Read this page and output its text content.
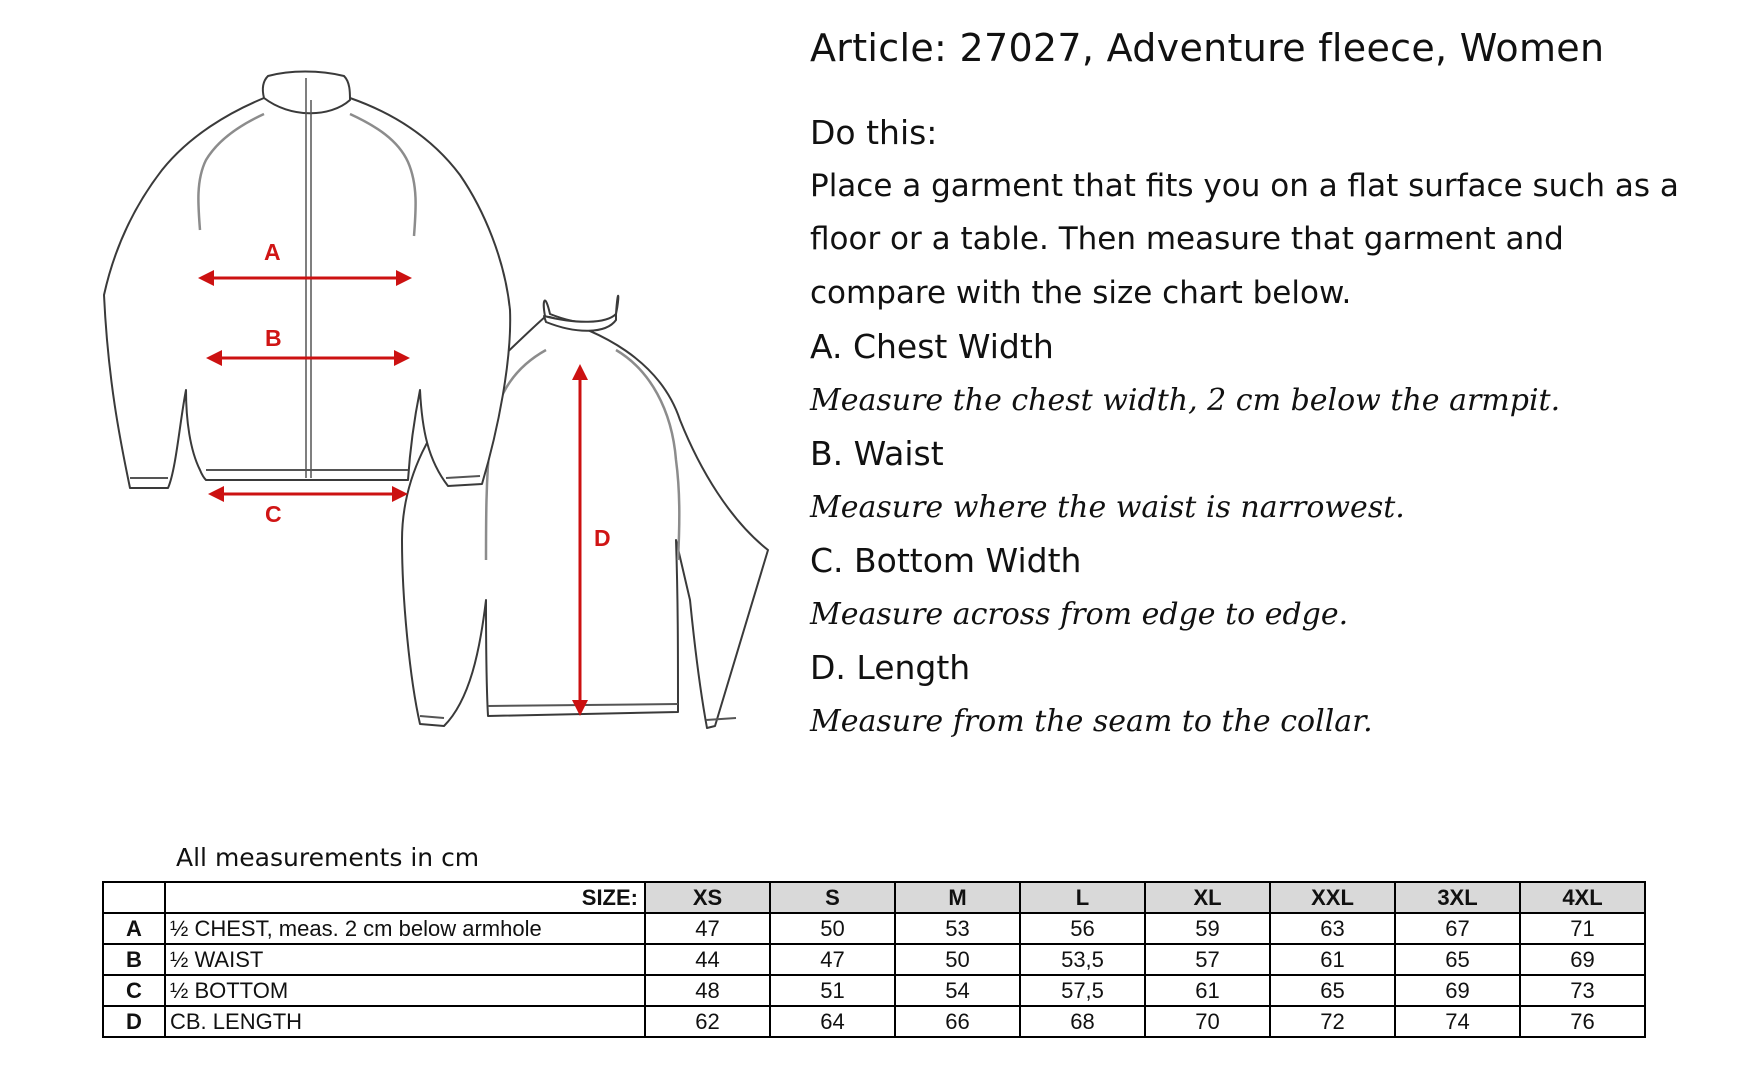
A
B
C
D
Article: 27027, Adventure fleece, Women
Do this:
Place a garment that fits you on a flat surface such as a
floor or a table. Then measure that garment and
compare with the size chart below.
A. Chest Width
Measure the chest width, 2 cm below the armpit.
B. Waist
Measure where the waist is narrowest.
C. Bottom Width
Measure across from edge to edge.
D. Length
Measure from the seam to the collar.
All measurements in cm
	SIZE:	XS	S	M	L	XL	XXL	3XL	4XL
A	½ CHEST, meas. 2 cm below armhole	47	50	53	56	59	63	67	71
B	½ WAIST	44	47	50	53,5	57	61	65	69
C	½ BOTTOM	48	51	54	57,5	61	65	69	73
D	CB. LENGTH	62	64	66	68	70	72	74	76
